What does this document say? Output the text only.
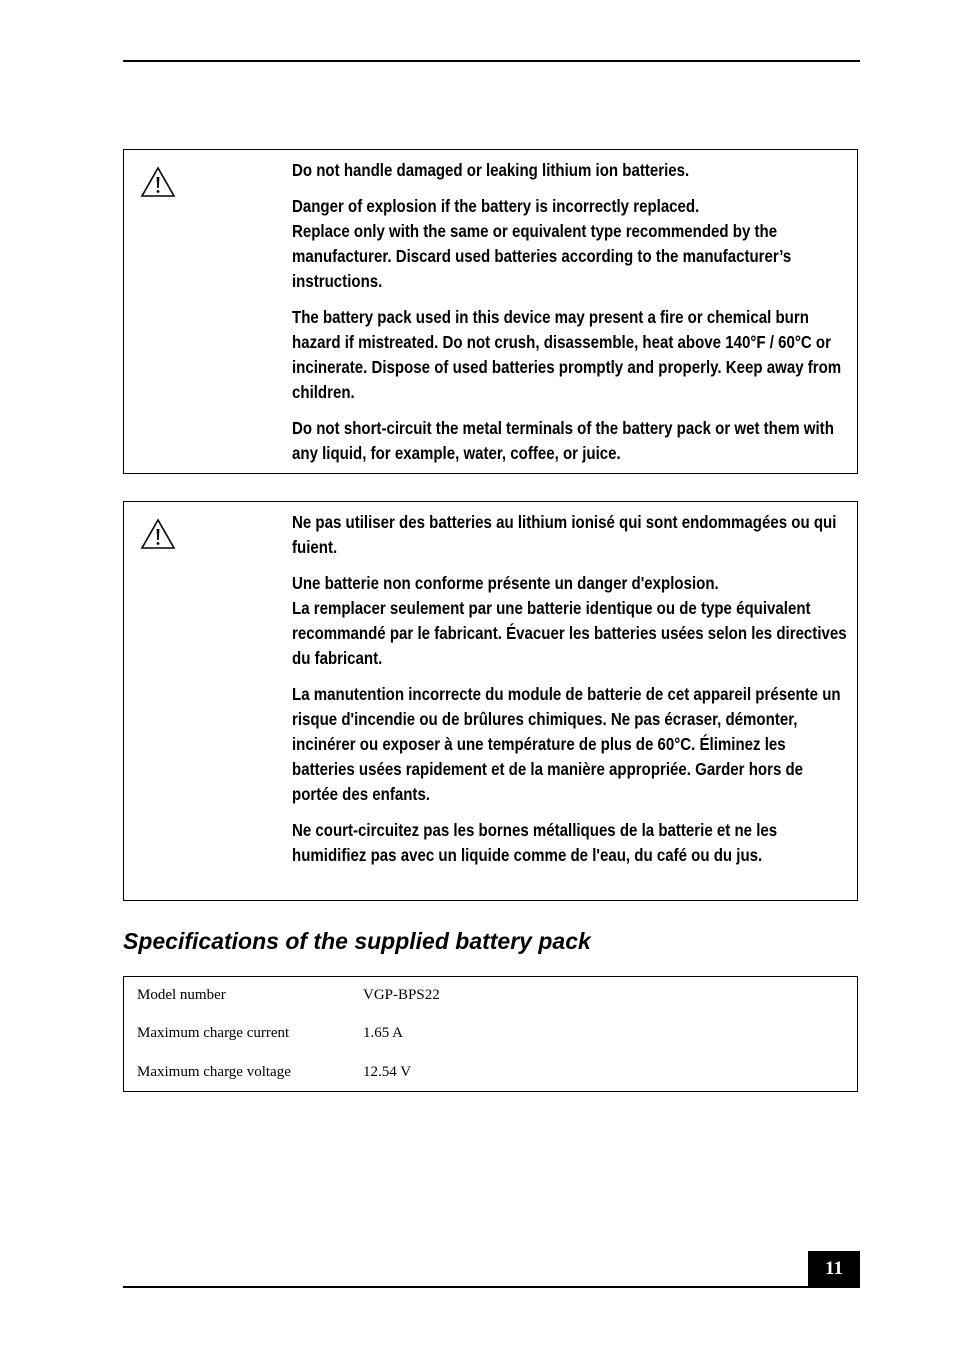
Do not handle damaged or leaking lithium ion batteries.

Danger of explosion if the battery is incorrectly replaced.
Replace only with the same or equivalent type recommended by the manufacturer. Discard used batteries according to the manufacturer’s instructions.

The battery pack used in this device may present a fire or chemical burn hazard if mistreated. Do not crush, disassemble, heat above 140°F / 60°C or incinerate. Dispose of used batteries promptly and properly. Keep away from children.

Do not short-circuit the metal terminals of the battery pack or wet them with any liquid, for example, water, coffee, or juice.

Ne pas utiliser des batteries au lithium ionisé qui sont endommagées ou qui fuient.

Une batterie non conforme présente un danger d'explosion.
La remplacer seulement par une batterie identique ou de type équivalent recommandé par le fabricant. Évacuer les batteries usées selon les directives du fabricant.

La manutention incorrecte du module de batterie de cet appareil présente un risque d'incendie ou de brûlures chimiques. Ne pas écraser, démonter, incinérer ou exposer à une température de plus de 60°C. Éliminez les batteries usées rapidement et de la manière appropriée. Garder hors de portée des enfants.

Ne court-circuitez pas les bornes métalliques de la batterie et ne les humidifiez pas avec un liquide comme de l'eau, du café ou du jus.

Specifications of the supplied battery pack
Model number	VGP-BPS22
Maximum charge current	1.65 A
Maximum charge voltage	12.54 V
11
